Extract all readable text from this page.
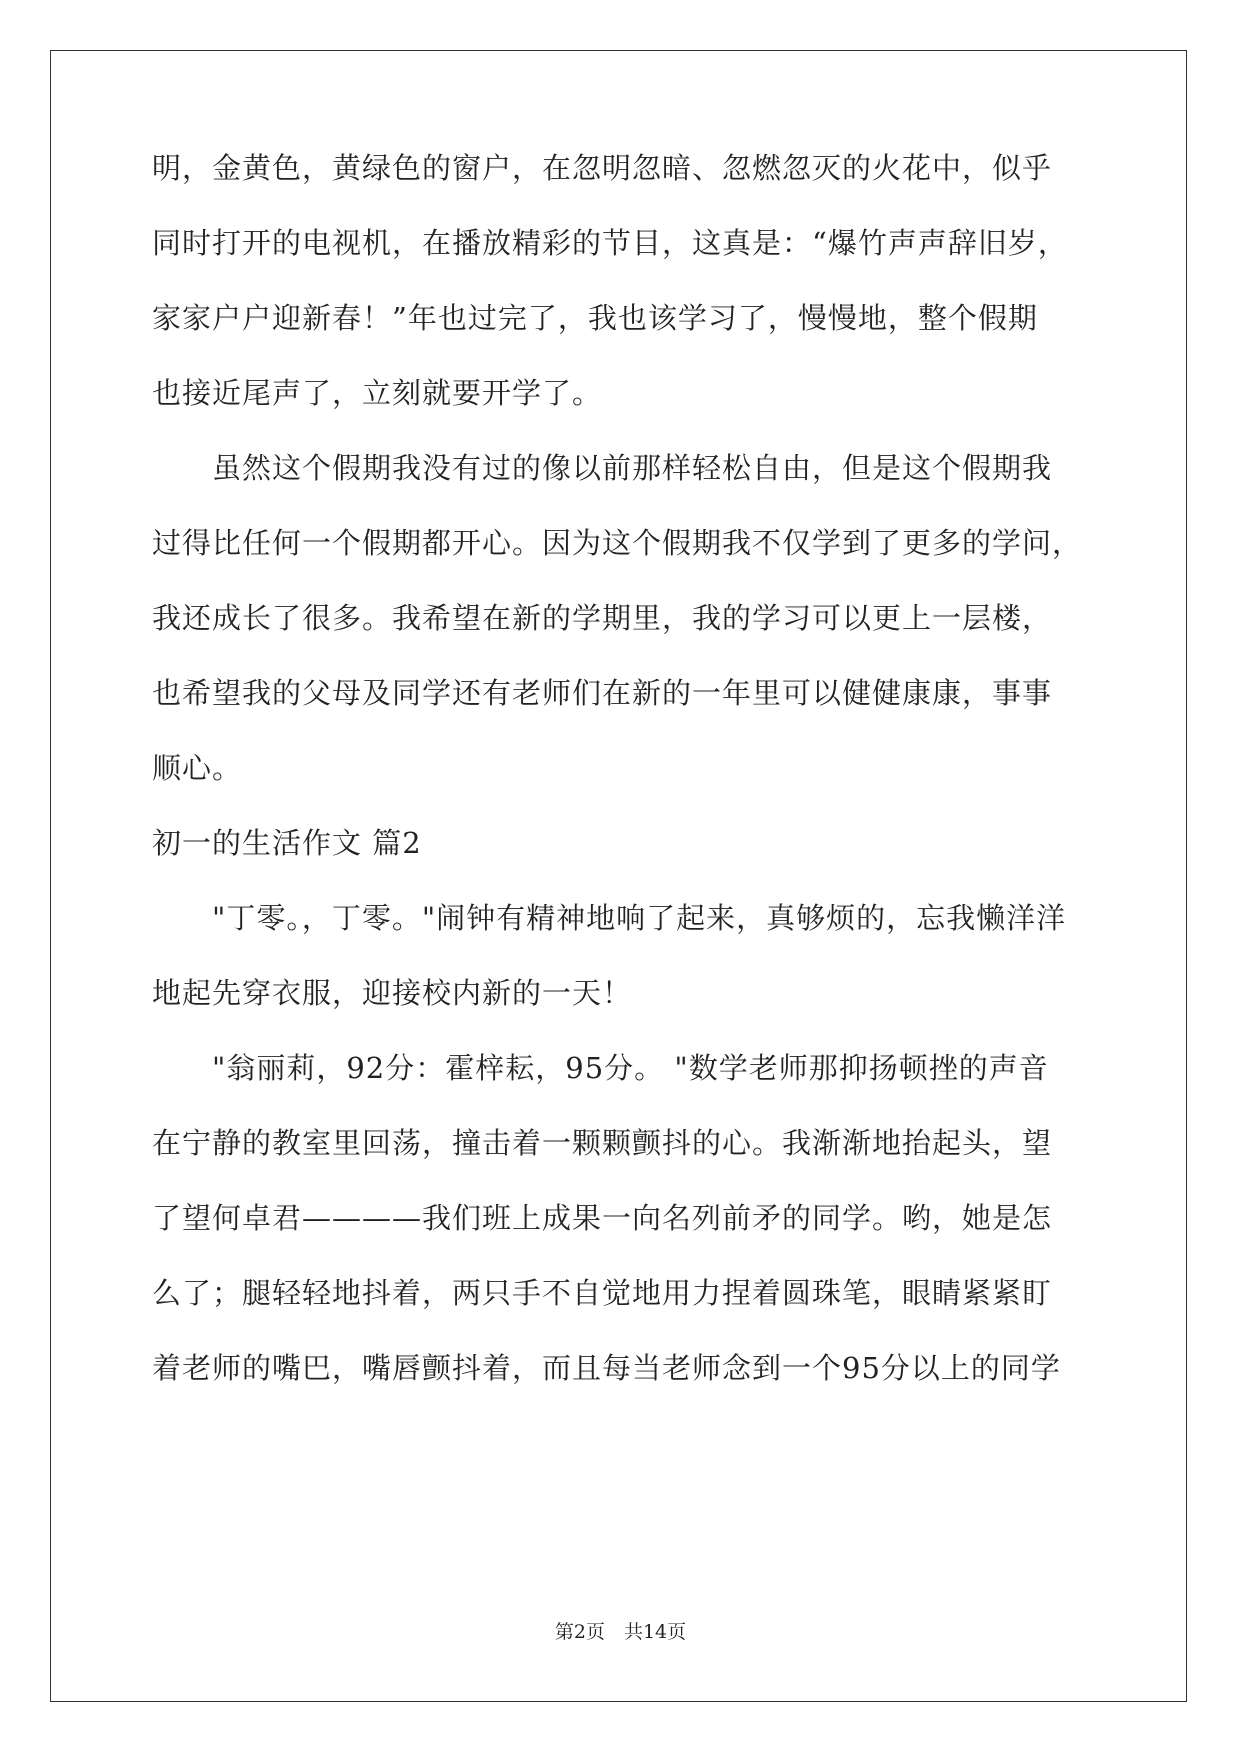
明，金黄色，黄绿色的窗户，在忽明忽暗、忽燃忽灭的火花中，似乎
同时打开的电视机，在播放精彩的节目，这真是：“爆竹声声辞旧岁，
家家户户迎新春！”年也过完了，我也该学习了，慢慢地，整个假期
也接近尾声了，立刻就要开学了。
虽然这个假期我没有过的像以前那样轻松自由，但是这个假期我
过得比任何一个假期都开心。因为这个假期我不仅学到了更多的学问，
我还成长了很多。我希望在新的学期里，我的学习可以更上一层楼，
也希望我的父母及同学还有老师们在新的一年里可以健健康康，事事
顺心。
初一的生活作文 篇2
"丁零。，丁零。"闹钟有精神地响了起来，真够烦的，忘我懒洋洋
地起先穿衣服，迎接校内新的一天！
"翁丽莉，92分：霍梓耘，95分。 "数学老师那抑扬顿挫的声音
在宁静的教室里回荡，撞击着一颗颗颤抖的心。我渐渐地抬起头，望
了望何卓君————我们班上成果一向名列前矛的同学。哟，她是怎
么了；腿轻轻地抖着，两只手不自觉地用力捏着圆珠笔，眼睛紧紧盯
着老师的嘴巴，嘴唇颤抖着，而且每当老师念到一个95分以上的同学
第2页　共14页
